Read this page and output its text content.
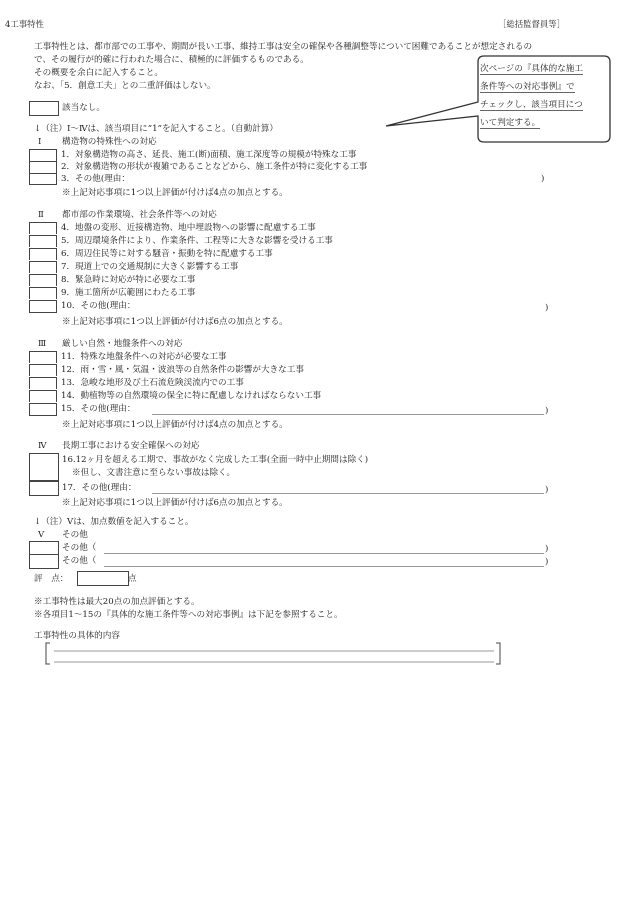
4工事特性	［総括監督員等］
工事特性とは、都市部での工事や、期間が長い工事、維持工事は安全の確保や各種調整等について困難であることが想定されるの
で、その履行が的確に行われた場合に、積極的に評価するものである。
その概要を余白に記入すること。
なお、「5．創意工夫」との二重評価はしない。
次ページの『具体的な施工
条件等への対応事例』で
チェックし、該当項目につ
いて判定する。
該当なし。
↓（注）Ⅰ～Ⅳは、該当項目に”1”を記入すること。（自動計算）
Ⅰ 構造物の特殊性への対応
1．対象構造物の高さ、延長、施工(断)面積、施工深度等の規模が特殊な工事
2．対象構造物の形状が複雑であることなどから、施工条件が特に変化する工事
3．その他(理由：	)
※上記対応事項に1つ以上評価が付けば4点の加点とする。
Ⅱ 都市部の作業環境、社会条件等への対応
4．地盤の変形、近接構造物、地中埋設物への影響に配慮する工事
5．周辺環境条件により、作業条件、工程等に大きな影響を受ける工事
6．周辺住民等に対する騒音・振動を特に配慮する工事
7．現道上での交通規制に大きく影響する工事
8．緊急時に対応が特に必要な工事
9．施工箇所が広範囲にわたる工事
10．その他(理由：	)
※上記対応事項に1つ以上評価が付けば6点の加点とする。
Ⅲ 厳しい自然・地盤条件への対応
11．特殊な地盤条件への対応が必要な工事
12．雨・雪・風・気温・波浪等の自然条件の影響が大きな工事
13．急峻な地形及び土石流危険渓流内での工事
14．動植物等の自然環境の保全に特に配慮しなければならない工事
15．その他(理由：	)
※上記対応事項に1つ以上評価が付けば4点の加点とする。
Ⅳ 長期工事における安全確保への対応
16.12ヶ月を超える工期で、事故がなく完成した工事(全面一時中止期間は除く)
※但し、文書注意に至らない事故は除く。
17．その他(理由：	)
※上記対応事項に1つ以上評価が付けば6点の加点とする。
↓（注）Ⅴは、加点数値を記入すること。
Ⅴ その他
その他（	)
その他（	)
評　点：	点
※工事特性は最大20点の加点評価とする。
※各項目1～15の『具体的な施工条件等への対応事例』は下記を参照すること。
工事特性の具体的内容
